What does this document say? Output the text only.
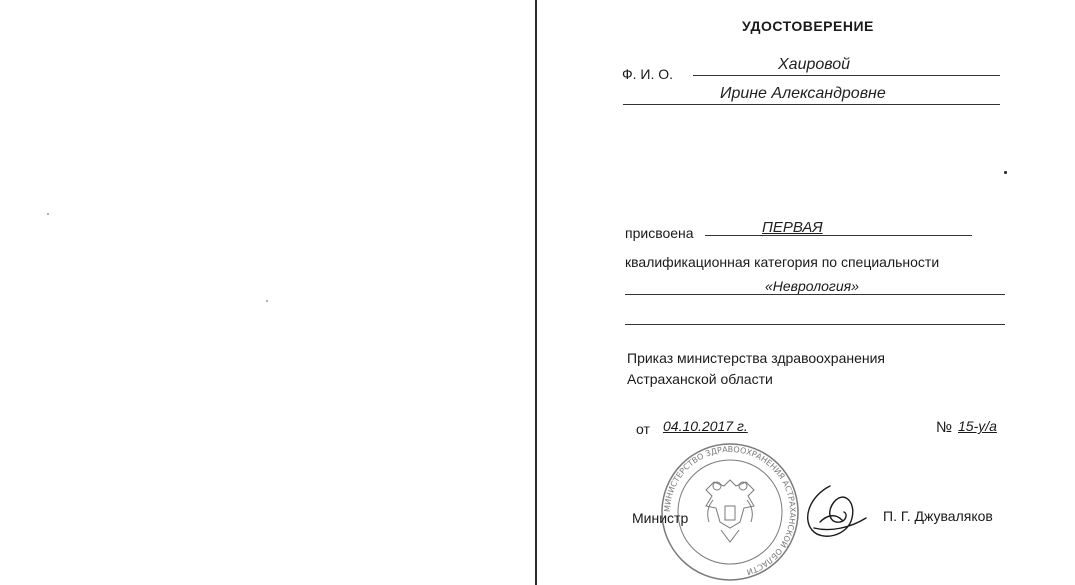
УДОСТОВЕРЕНИЕ
Ф. И. О.
Хаировой
Ирине Александровне
присвоена	ПЕРВАЯ
квалификационная категория по специальности
«Неврология»
Приказ министерства здравоохранения
Астраханской области
от 04.10.2017 г.	№ 15-у/а
МИНИСТЕРСТВО ЗДРАВООХРАНЕНИЯ АСТРАХАНСКОЙ ОБЛАСТИ
Министр	П. Г. Джуваляков
